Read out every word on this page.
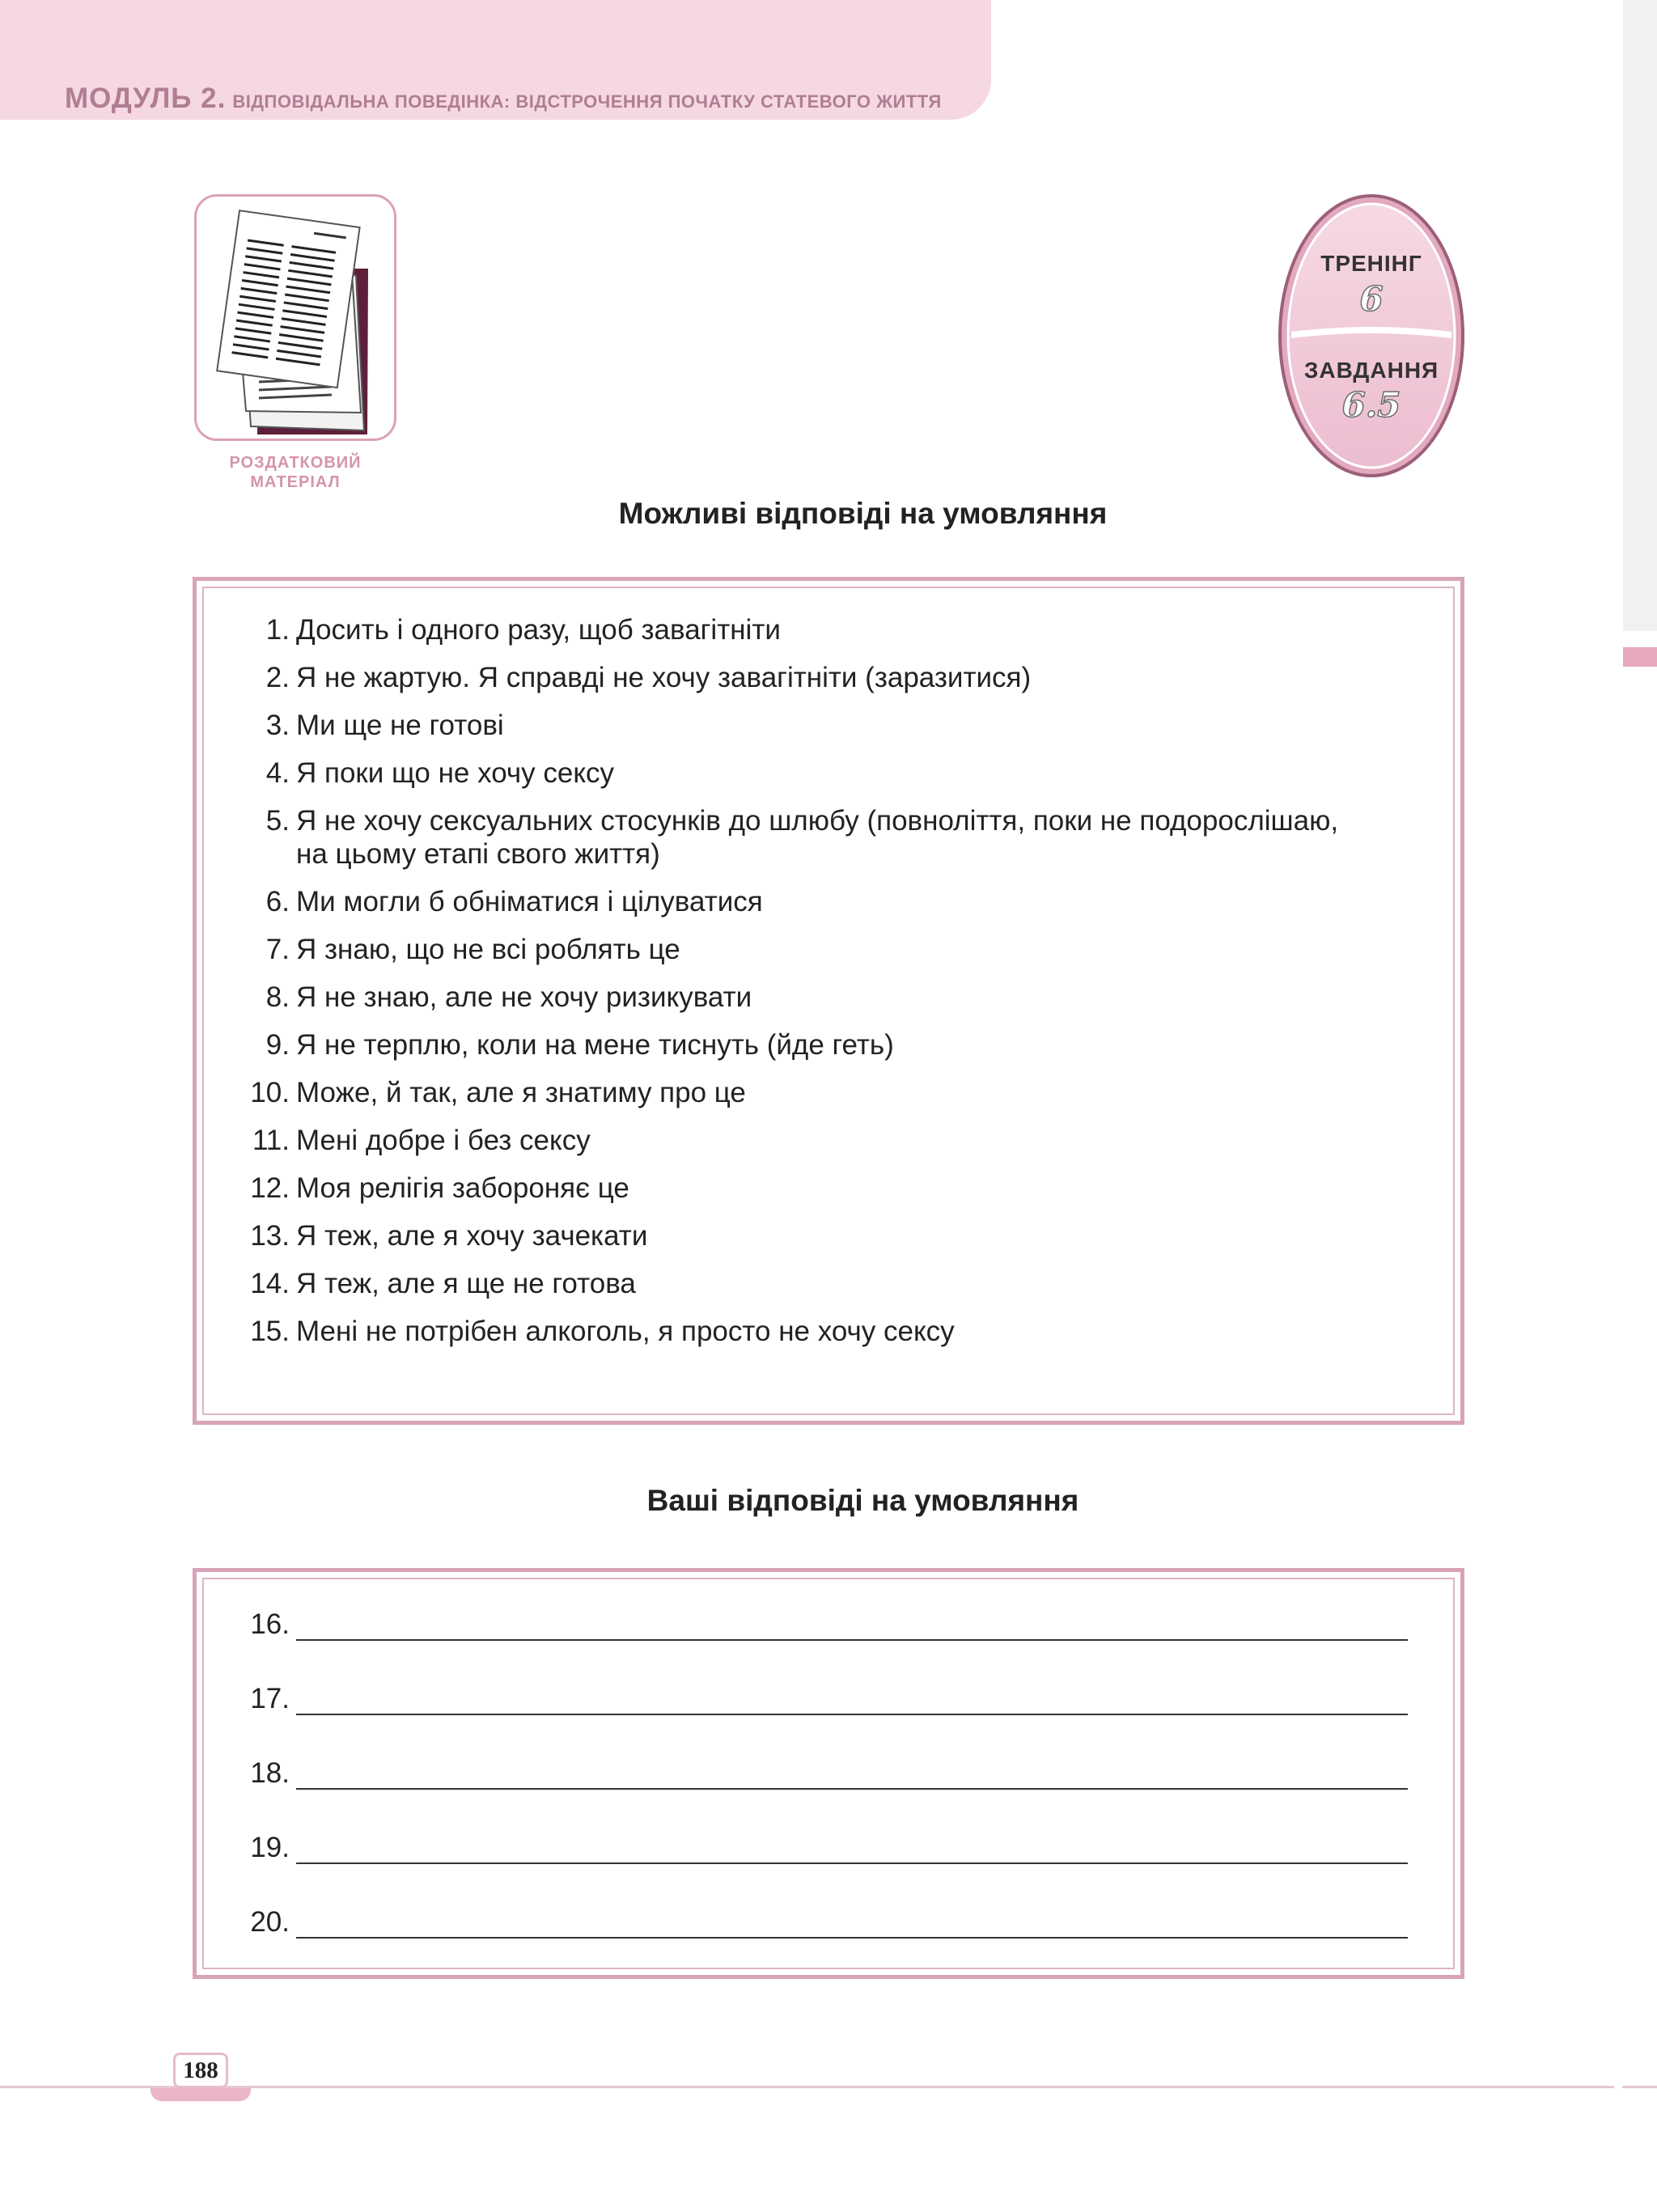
МОДУЛЬ 2. ВІДПОВІДАЛЬНА ПОВЕДІНКА: ВІДСТРОЧЕННЯ ПОЧАТКУ СТАТЕВОГО ЖИТТЯ
РОЗДАТКОВИЙ
МАТЕРІАЛ
ТРЕНІНГ
6
ЗАВДАННЯ
6.5
Можливі відповіді на умовляння
1. Досить і одного разу, щоб завагітніти
2. Я не жартую. Я справді не хочу завагітніти (заразитися)
3. Ми ще не готові
4. Я поки що не хочу сексу
5. Я не хочу сексуальних стосунків до шлюбу (повноліття, поки не подорослішаю,
на цьому етапі свого життя)
6. Ми могли б обніматися і цілуватися
7. Я знаю, що не всі роблять це
8. Я не знаю, але не хочу ризикувати
9. Я не терплю, коли на мене тиснуть (йде геть)
10. Може, й так, але я знатиму про це
11. Мені добре і без сексу
12. Моя релігія забороняє це
13. Я теж, але я хочу зачекати
14. Я теж, але я ще не готова
15. Мені не потрібен алкоголь, я просто не хочу сексу
Ваші відповіді на умовляння
16.
17.
18.
19.
20.
188
